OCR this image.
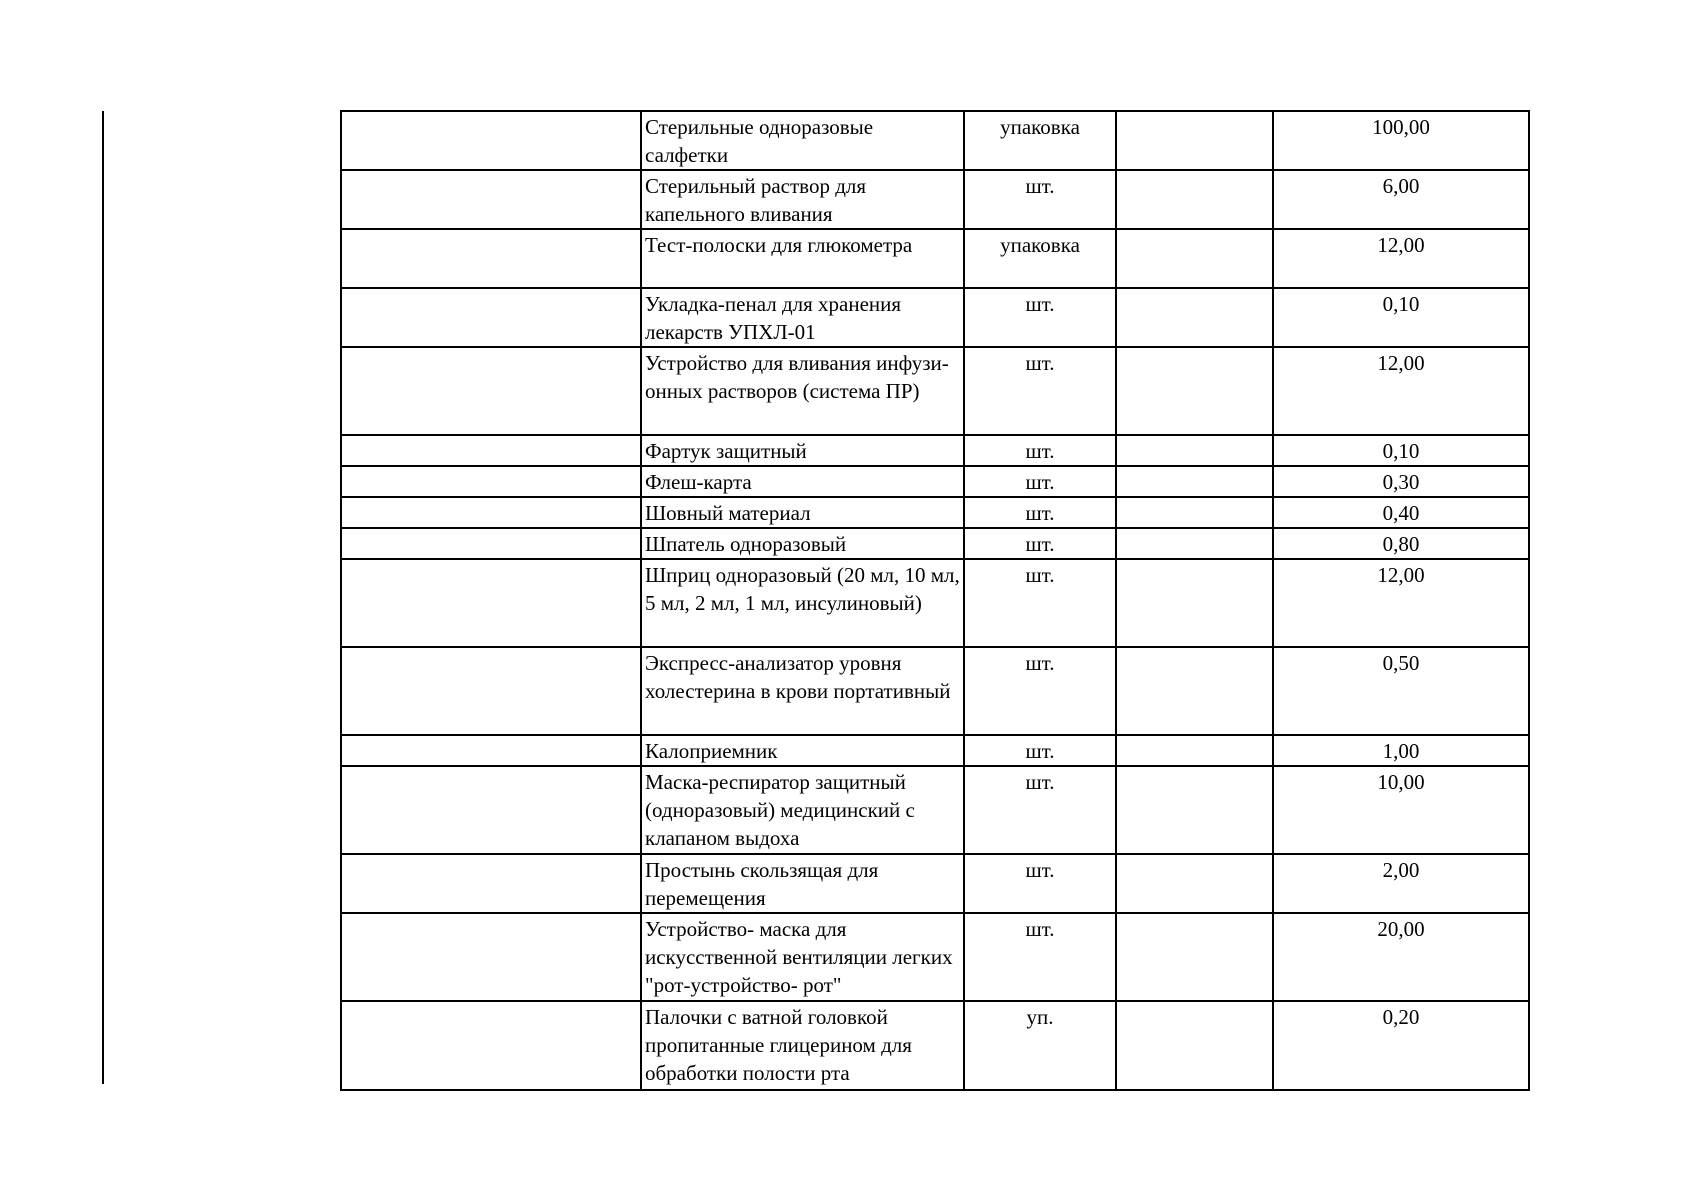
	Стерильные одноразовые салфетки	упаковка		100,00
	Стерильный раствор для капельного вливания	шт.		6,00
	Тест-полоски для глюкометра	упаковка		12,00
	Укладка-пенал для хранения лекарств УПХЛ-01	шт.		0,10
	Устройство для вливания инфузи-онных растворов (система ПР)	шт.		12,00
	Фартук защитный	шт.		0,10
	Флеш-карта	шт.		0,30
	Шовный материал	шт.		0,40
	Шпатель одноразовый	шт.		0,80
	Шприц одноразовый (20 мл, 10 мл, 5 мл, 2 мл, 1 мл, инсулиновый)	шт.		12,00
	Экспресс-анализатор уровня холестерина в крови портативный	шт.		0,50
	Калоприемник	шт.		1,00
	Маска-респиратор защитный (одноразовый) медицинский с клапаном выдоха	шт.		10,00
	Простынь скользящая для перемещения	шт.		2,00
	Устройство- маска для искусственной вентиляции легких "рот-устройство- рот"	шт.		20,00
	Палочки с ватной головкой пропитанные глицерином для обработки полости рта	уп.		0,20
